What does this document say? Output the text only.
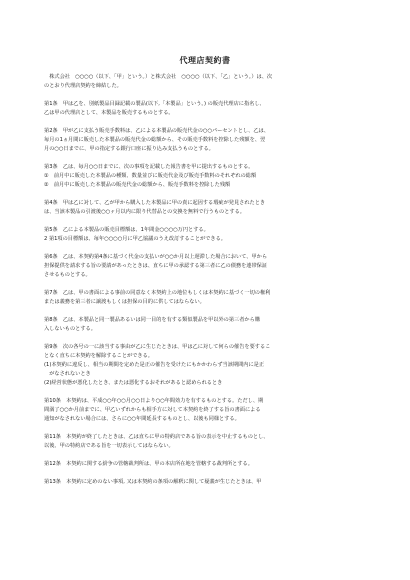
代理店契約書
　株式会社　○○○○（以下、「甲」という。）と株式会社　○○○○（以下、「乙」という。）は、次
のとおり代理店契約を締結した。
第1条　甲は乙を、別紙製品目録記載の製品(以下,「本製品」という。) の販売代理店に指名し、
乙は甲の代理店として、本製品を販売するものとする。
第2条　甲が乙に支払う販売手数料は、乙による本製品の販売代金の○○パーセントとし、乙は、
毎月の1ヵ月間に販売した本製品の販売代金の総額から、その販売手数料を控除した残額を、翌
月の○○日までに、甲の指定する銀行口座に振り込み支払うものとする。
第3条　乙は、毎月○○日までに、次の事項を記載した報告書を甲に提出するものとする。
①　前月中に販売した本製品の種類、数量並びに販売代金及び販売手数料のそれぞれの総額
②　前月中に販売した本製品の販売代金の総額から、販売手数料を控除した残額
第4条　甲は乙に対して、乙が甲から購入した本製品に甲の責に起因する瑕疵が発見されたとき
は、当該本製品の引渡後○○ヶ月以内に限り代替品との交換を無料で行うものとする。
第5条　乙による本製品の販売目標額は、1年間金○○○○万円とする。
2 第1項の目標額は、毎年○○○○月に甲乙協議のうえ改訂することができる。
第6条　乙は、本契約第4条に基づく代金の支払いが○○か月以上遅滞した場合において、甲から
担保提供を請求する旨の要請があったときは、直ちに甲の承認する第三者に乙の債務を連帯保証
させるものとする。
第7条　乙は、甲の書面による事前の同意なく本契約上の地位もしくは本契約に基づく一切の権利
または義務を第三者に譲渡もしくは担保の目的に供してはならない。
第8条　乙は、本製品と同一製品あるいは同一目的を有する類似製品を甲以外の第三者から購
入しないものとする。
第9条　次の各号の一に該当する事由が乙に生じたときは、甲は乙に対して何らの催告を要するこ
となく直ちに本契約を解除することができる。
(1)本契約に違反し、相当の期間を定めた是正の催告を受けたにもかかわらず当該期間内に是正
　がなされないとき
(2)経営状態が悪化したとき、または悪化するおそれがあると認められるとき
第10条　本契約は、平成○○年○○月○○日より○○年間効力を有するものとする。ただし、期
間満了○○か月前までに、甲乙いずれからも相手方に対して本契約を終了する旨の書面による
通知がなされない場合には、さらに○○年間延長するものとし、以後も同様とする。
第11条　本契約が終了したときは、乙は直ちに甲の特約店である旨の表示を中止するものとし、
以後、甲の特約店である旨を一切表示してはならない。
第12条　本契約に関する紛争の管轄裁判所は、甲の本店所在地を管轄する裁判所とする。
第13条　本契約に定めのない事項, 又は本契約の条項の解釈に関して疑義が生じたときは、甲
